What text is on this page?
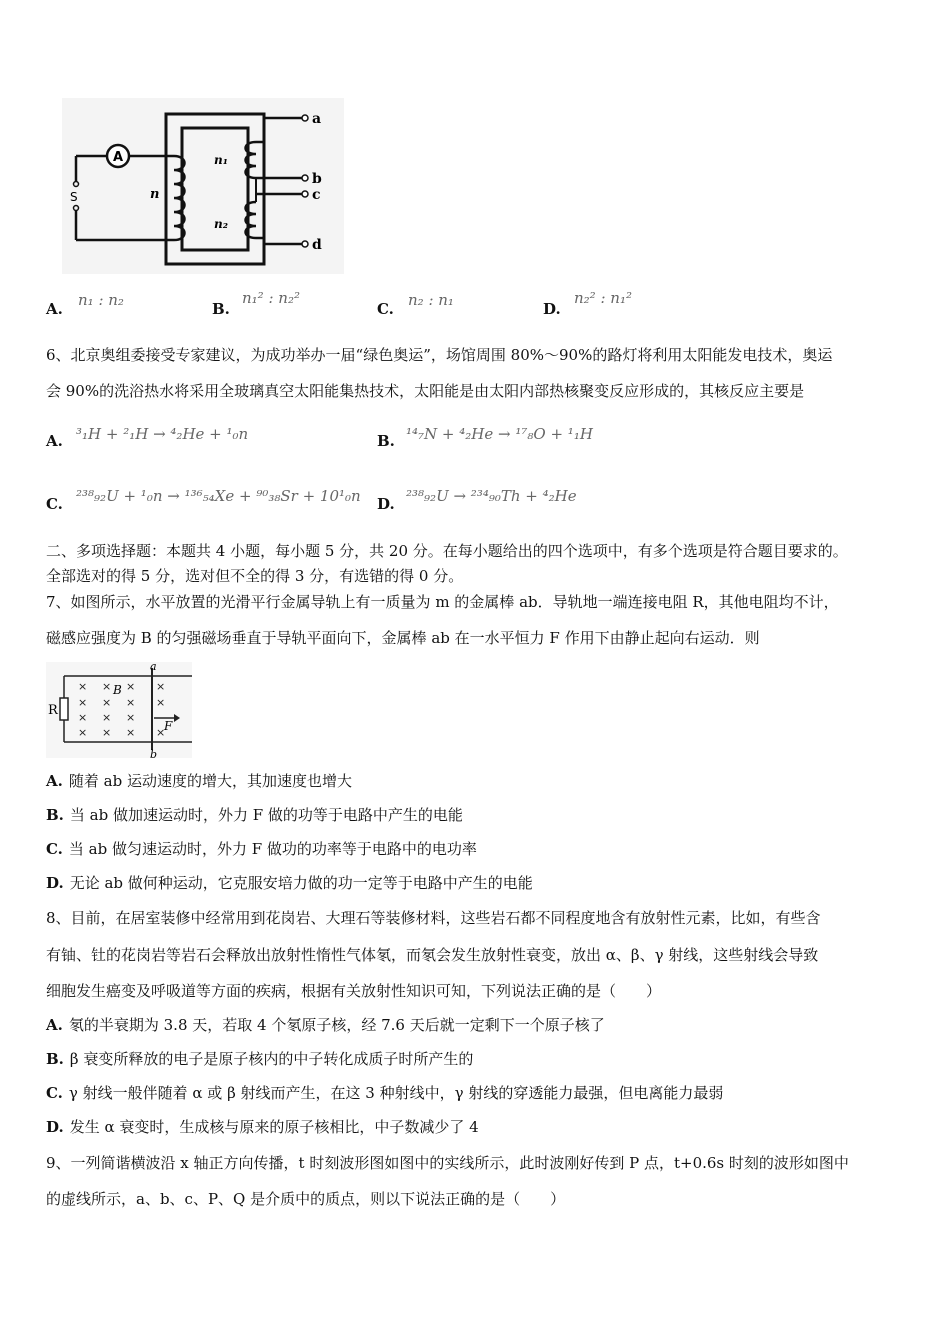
A
S	n
n₁
n₂
a
b
c
d
A. n₁ : n₂	B.
n₁² : n₂²
C. n₂ : n₁	D.
n₂² : n₁²
6、北京奥组委接受专家建议，为成功举办一届“绿色奥运”，场馆周围 80%～90%的路灯将利用太阳能发电技术，奥运
会 90%的洗浴热水将采用全玻璃真空太阳能集热技术，太阳能是由太阳内部热核聚变反应形成的，其核反应主要是
A. ³₁H + ²₁H → ⁴₂He + ¹₀n	B. ¹⁴₇N + ⁴₂He → ¹⁷₈O + ¹₁H
C. ²³⁸₉₂U + ¹₀n → ¹³⁶₅₄Xe + ⁹⁰₃₈Sr + 10¹₀n D. ²³⁸₉₂U → ²³⁴₉₀Th + ⁴₂He
二、多项选择题：本题共 4 小题，每小题 5 分，共 20 分。在每小题给出的四个选项中，有多个选项是符合题目要求的。
全部选对的得 5 分，选对但不全的得 3 分，有选错的得 0 分。
7、如图所示，水平放置的光滑平行金属导轨上有一质量为 m 的金属棒 ab．导轨地一端连接电阻 R，其他电阻均不计，
磁感应强度为 B 的匀强磁场垂直于导轨平面向下，金属棒 ab 在一水平恒力 F 作用下由静止起向右运动．则
R
a
b
× × × ×
× × × ×
× × ×
× × × ×
B
F
A. 随着 ab 运动速度的增大，其加速度也增大
B. 当 ab 做加速运动时，外力 F 做的功等于电路中产生的电能
C. 当 ab 做匀速运动时，外力 F 做功的功率等于电路中的电功率
D. 无论 ab 做何种运动，它克服安培力做的功一定等于电路中产生的电能
8、目前，在居室装修中经常用到花岗岩、大理石等装修材料，这些岩石都不同程度地含有放射性元素，比如，有些含
有铀、钍的花岗岩等岩石会释放出放射性惰性气体氡，而氡会发生放射性衰变，放出 α、β、γ 射线，这些射线会导致
细胞发生癌变及呼吸道等方面的疾病，根据有关放射性知识可知，下列说法正确的是（　　）
A. 氡的半衰期为 3.8 天，若取 4 个氡原子核，经 7.6 天后就一定剩下一个原子核了
B. β 衰变所释放的电子是原子核内的中子转化成质子时所产生的
C. γ 射线一般伴随着 α 或 β 射线而产生，在这 3 种射线中，γ 射线的穿透能力最强，但电离能力最弱
D. 发生 α 衰变时，生成核与原来的原子核相比，中子数减少了 4
9、一列简谐横波沿 x 轴正方向传播，t 时刻波形图如图中的实线所示，此时波刚好传到 P 点，t+0.6s 时刻的波形如图中
的虚线所示，a、b、c、P、Q 是介质中的质点，则以下说法正确的是（　　）
